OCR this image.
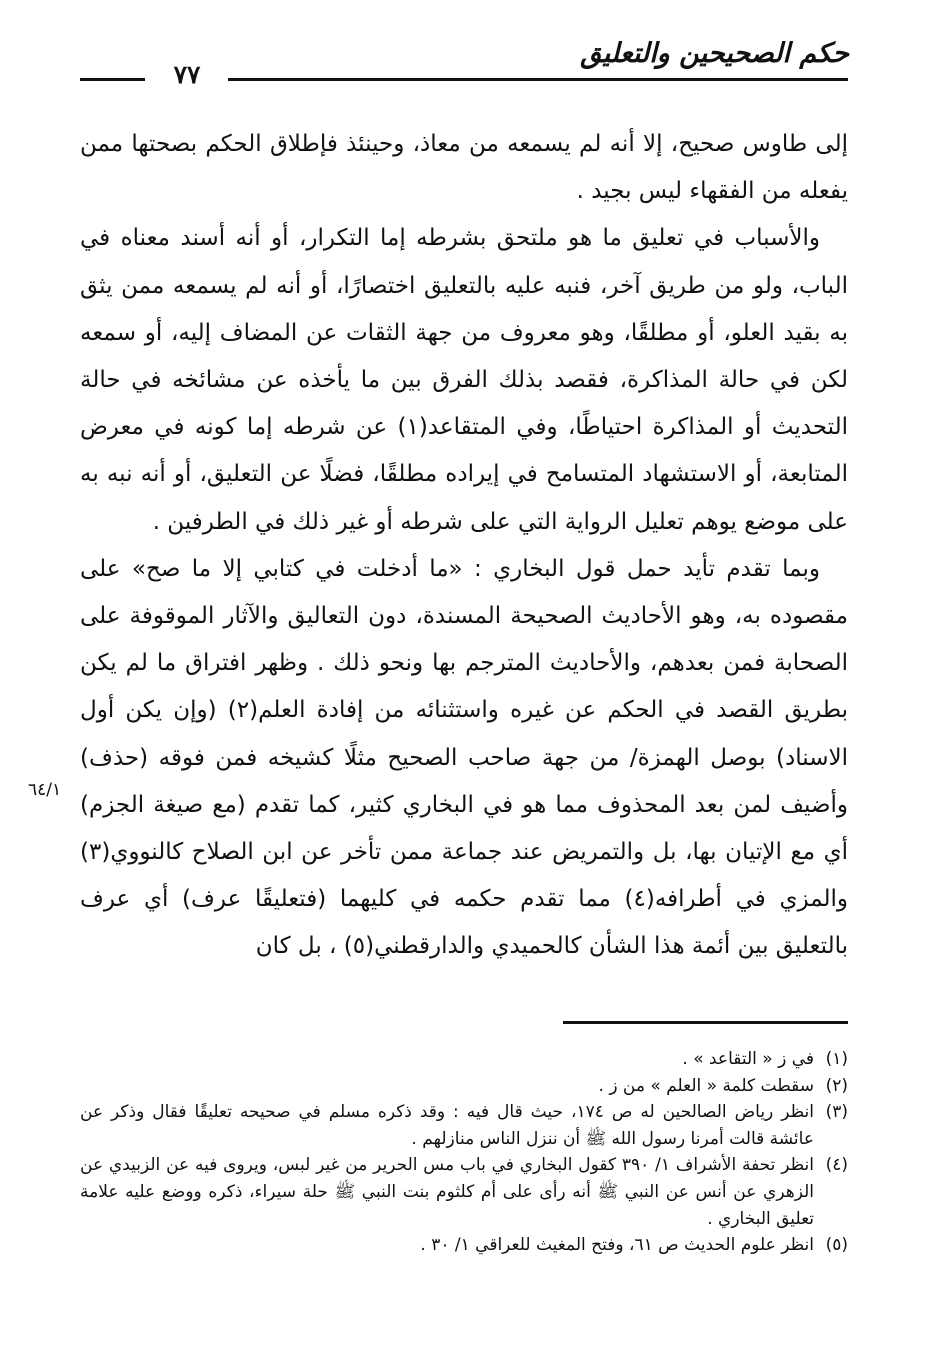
حكم الصحيحين والتعليق
٧٧

إلى طاوس صحيح، إلا أنه لم يسمعه من معاذ، وحينئذ فإطلاق الحكم بصحتها ممن يفعله من الفقهاء ليس بجيد .

والأسباب في تعليق ما هو ملتحق بشرطه إما التكرار، أو أنه أسند معناه في الباب، ولو من طريق آخر، فنبه عليه بالتعليق اختصارًا، أو أنه لم يسمعه ممن يثق به بقيد العلو، أو مطلقًا، وهو معروف من جهة الثقات عن المضاف إليه، أو سمعه لكن في حالة المذاكرة، فقصد بذلك الفرق بين ما يأخذه عن مشائخه في حالة التحديث أو المذاكرة احتياطًا، وفي المتقاعد(١) عن شرطه إما كونه في معرض المتابعة، أو الاستشهاد المتسامح في إيراده مطلقًا، فضلًا عن التعليق، أو أنه نبه به على موضع يوهم تعليل الرواية التي على شرطه أو غير ذلك في الطرفين .

وبما تقدم تأيد حمل قول البخاري : «ما أدخلت في كتابي إلا ما صح» على مقصوده به، وهو الأحاديث الصحيحة المسندة، دون التعاليق والآثار الموقوفة على الصحابة فمن بعدهم، والأحاديث المترجم بها ونحو ذلك . وظهر افتراق ما لم يكن بطريق القصد في الحكم عن غيره واستثنائه من إفادة العلم(٢) (وإن يكن أول الاسناد) بوصل الهمزة/ من جهة صاحب الصحيح مثلًا كشيخه فمن فوقه (حذف) وأضيف لمن بعد المحذوف مما هو في البخاري كثير، كما تقدم (مع صيغة الجزم) أي مع الإتيان بها، بل والتمريض عند جماعة ممن تأخر عن ابن الصلاح كالنووي(٣) والمزي في أطرافه(٤) مما تقدم حكمه في كليهما (فتعليقًا عرف) أي عرف بالتعليق بين أئمة هذا الشأن كالحميدي والدارقطني(٥) ، بل كان

٦٤/١
(١)
في ز « التقاعد » .
(٢)
سقطت كلمة « العلم » من ز .
(٣)
انظر رياض الصالحين له ص ١٧٤، حيث قال فيه : وقد ذكره مسلم في صحيحه تعليقًا فقال وذكر عن عائشة قالت أمرنا رسول الله ﷺ أن ننزل الناس منازلهم .
(٤)
انظر تحفة الأشراف ١/ ٣٩٠ كقول البخاري في باب مس الحرير من غير لبس، ويروى فيه عن الزبيدي عن الزهري عن أنس عن النبي ﷺ أنه رأى على أم كلثوم بنت النبي ﷺ حلة سيراء، ذكره ووضع عليه علامة تعليق البخاري .
(٥)
انظر علوم الحديث ص ٦١، وفتح المغيث للعراقي ١/ ٣٠ .
